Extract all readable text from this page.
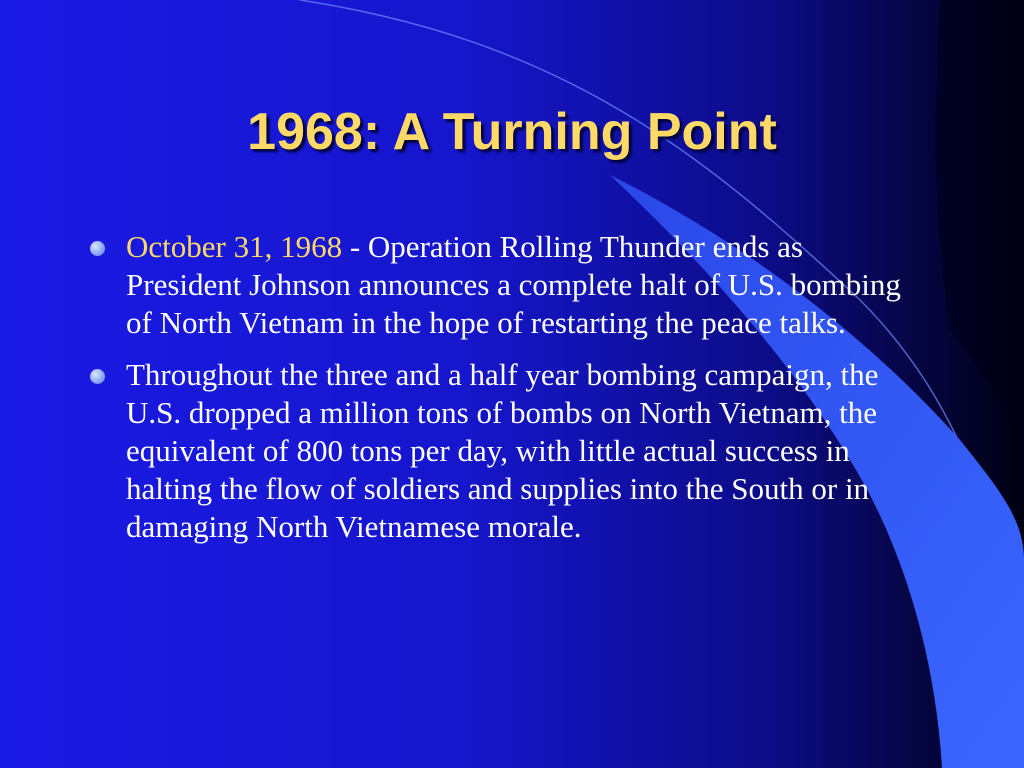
1968: A Turning Point
October 31, 1968 - Operation Rolling Thunder ends as President Johnson announces a complete halt of U.S. bombing of North Vietnam in the hope of restarting the peace talks.
Throughout the three and a half year bombing campaign, the U.S. dropped a million tons of bombs on North Vietnam, the equivalent of 800 tons per day, with little actual success in halting the flow of soldiers and supplies into the South or in damaging North Vietnamese morale.
